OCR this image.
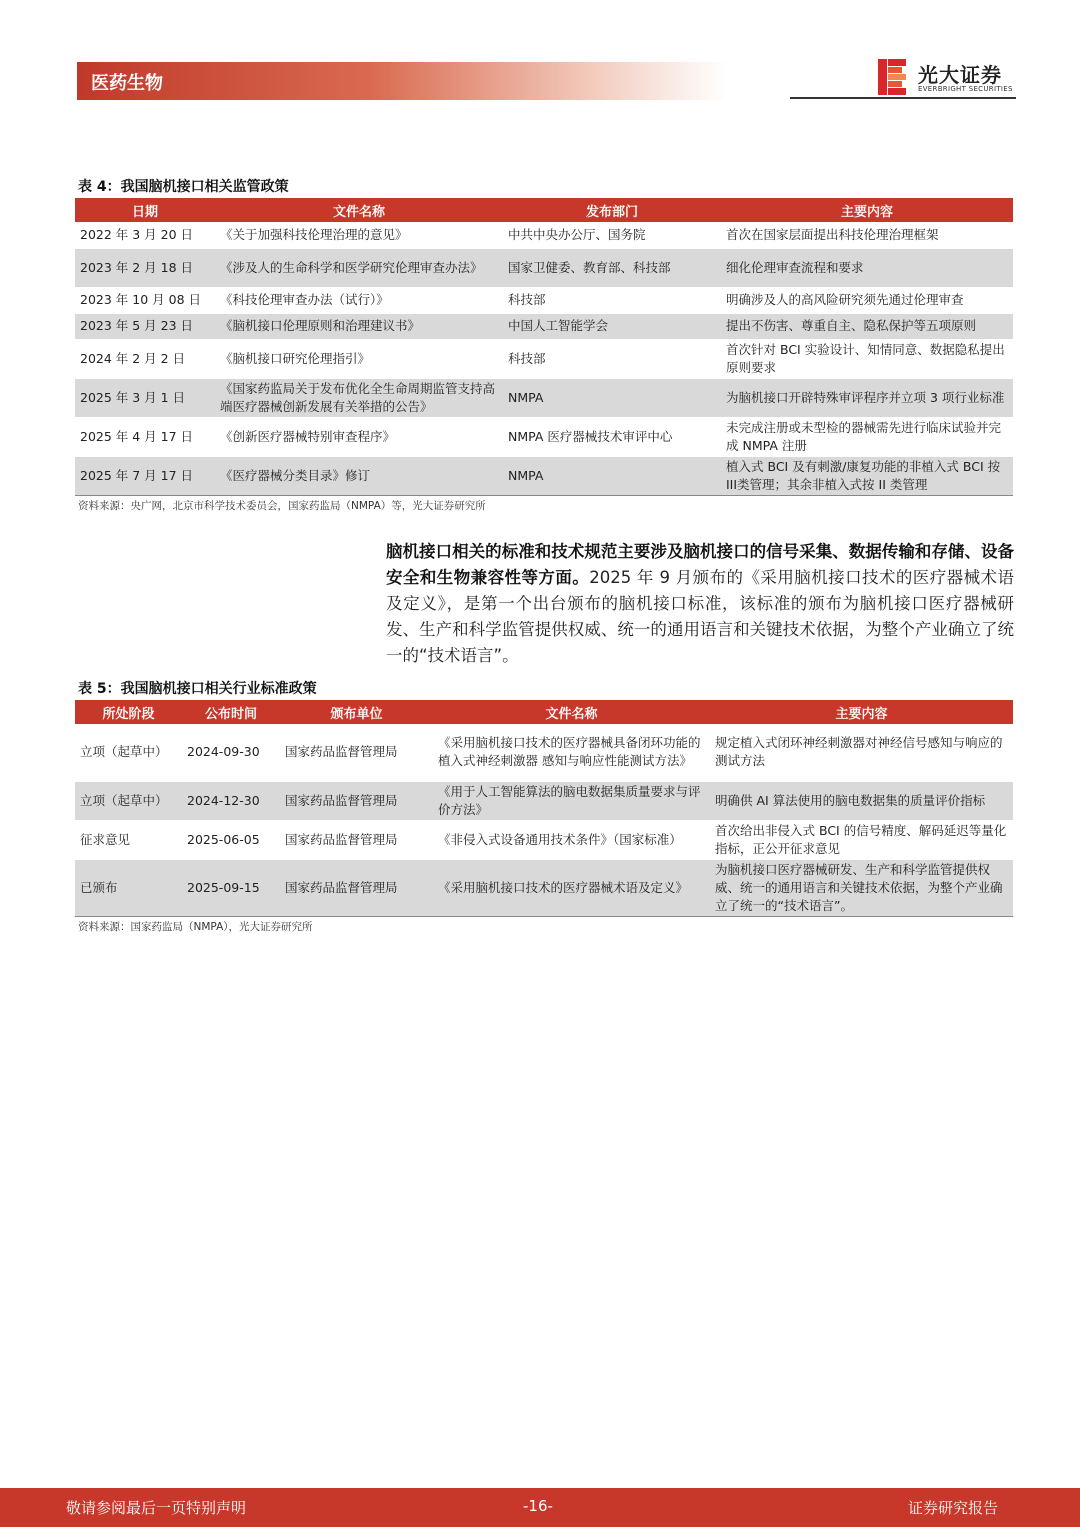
医药生物	光大证券
EVERBRIGHT SECURITIES
表 4：我国脑机接口相关监管政策
日期	文件名称	发布部门	主要内容
2022 年 3 月 20 日	《关于加强科技伦理治理的意见》	中共中央办公厅、国务院	首次在国家层面提出科技伦理治理框架
2023 年 2 月 18 日	《涉及人的生命科学和医学研究伦理审查办法》	国家卫健委、教育部、科技部	细化伦理审查流程和要求
2023 年 10 月 08 日	《科技伦理审查办法（试行）》	科技部	明确涉及人的高风险研究须先通过伦理审查
2023 年 5 月 23 日	《脑机接口伦理原则和治理建议书》	中国人工智能学会	提出不伤害、尊重自主、隐私保护等五项原则
2024 年 2 月 2 日	《脑机接口研究伦理指引》	科技部	首次针对 BCI 实验设计、知情同意、数据隐私提出原则要求
2025 年 3 月 1 日	《国家药监局关于发布优化全生命周期监管支持高端医疗器械创新发展有关举措的公告》	NMPA	为脑机接口开辟特殊审评程序并立项 3 项行业标准
2025 年 4 月 17 日	《创新医疗器械特别审查程序》	NMPA 医疗器械技术审评中心	未完成注册或未型检的器械需先进行临床试验并完成 NMPA 注册
2025 年 7 月 17 日	《医疗器械分类目录》修订	NMPA	植入式 BCI 及有刺激/康复功能的非植入式 BCI 按III类管理；其余非植入式按 II 类管理
资料来源：央广网，北京市科学技术委员会，国家药监局（NMPA）等，光大证券研究所
脑机接口相关的标准和技术规范主要涉及脑机接口的信号采集、数据传输和存储、设备安全和生物兼容性等方面。2025 年 9 月颁布的《采用脑机接口技术的医疗器械术语及定义》，是第一个出台颁布的脑机接口标准，该标准的颁布为脑机接口医疗器械研发、生产和科学监管提供权威、统一的通用语言和关键技术依据，为整个产业确立了统一的“技术语言”。
表 5：我国脑机接口相关行业标准政策
所处阶段	公布时间	颁布单位	文件名称	主要内容
立项（起草中）	2024-09-30	国家药品监督管理局	《采用脑机接口技术的医疗器械具备闭环功能的植入式神经刺激器 感知与响应性能测试方法》	规定植入式闭环神经刺激器对神经信号感知与响应的测试方法
立项（起草中）	2024-12-30	国家药品监督管理局	《用于人工智能算法的脑电数据集质量要求与评价方法》	明确供 AI 算法使用的脑电数据集的质量评价指标
征求意见	2025-06-05	国家药品监督管理局	《非侵入式设备通用技术条件》（国家标准）	首次给出非侵入式 BCI 的信号精度、解码延迟等量化指标，正公开征求意见
已颁布	2025-09-15	国家药品监督管理局	《采用脑机接口技术的医疗器械术语及定义》	为脑机接口医疗器械研发、生产和科学监管提供权威、统一的通用语言和关键技术依据，为整个产业确立了统一的“技术语言”。
资料来源：国家药监局（NMPA），光大证券研究所
敬请参阅最后一页特别声明	-16-	证券研究报告
